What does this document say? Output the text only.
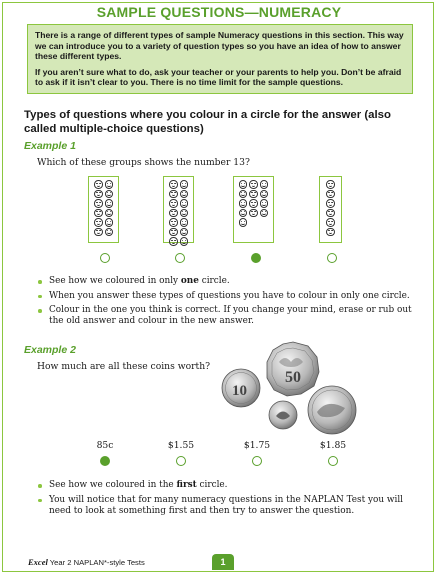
SAMPLE QUESTIONS—NUMERACY

There is a range of different types of sample Numeracy questions in this section. This way we can introduce you to a variety of question types so you have an idea of how to answer these different types.

If you aren’t sure what to do, ask your teacher or your parents to help you. Don’t be afraid to ask if it isn’t clear to you. There is no time limit for the sample questions.

Types of questions where you colour in a circle for the answer (also called multiple-choice questions)
Example 1
Which of these groups shows the number 13?
See how we coloured in only one circle.
When you answer these types of questions you have to colour in only one circle.
Colour in the one you think is correct. If you change your mind, erase or rub out the old answer and colour in the new answer.
Example 2
How much are all these coins worth?
50
10
85c	$1.55	$1.75	$1.85
See how we coloured in the first circle.
You will notice that for many numeracy questions in the NAPLAN Test you will need to look at something first and then try to answer the question.
Excel Year 2 NAPLAN*-style Tests	1
